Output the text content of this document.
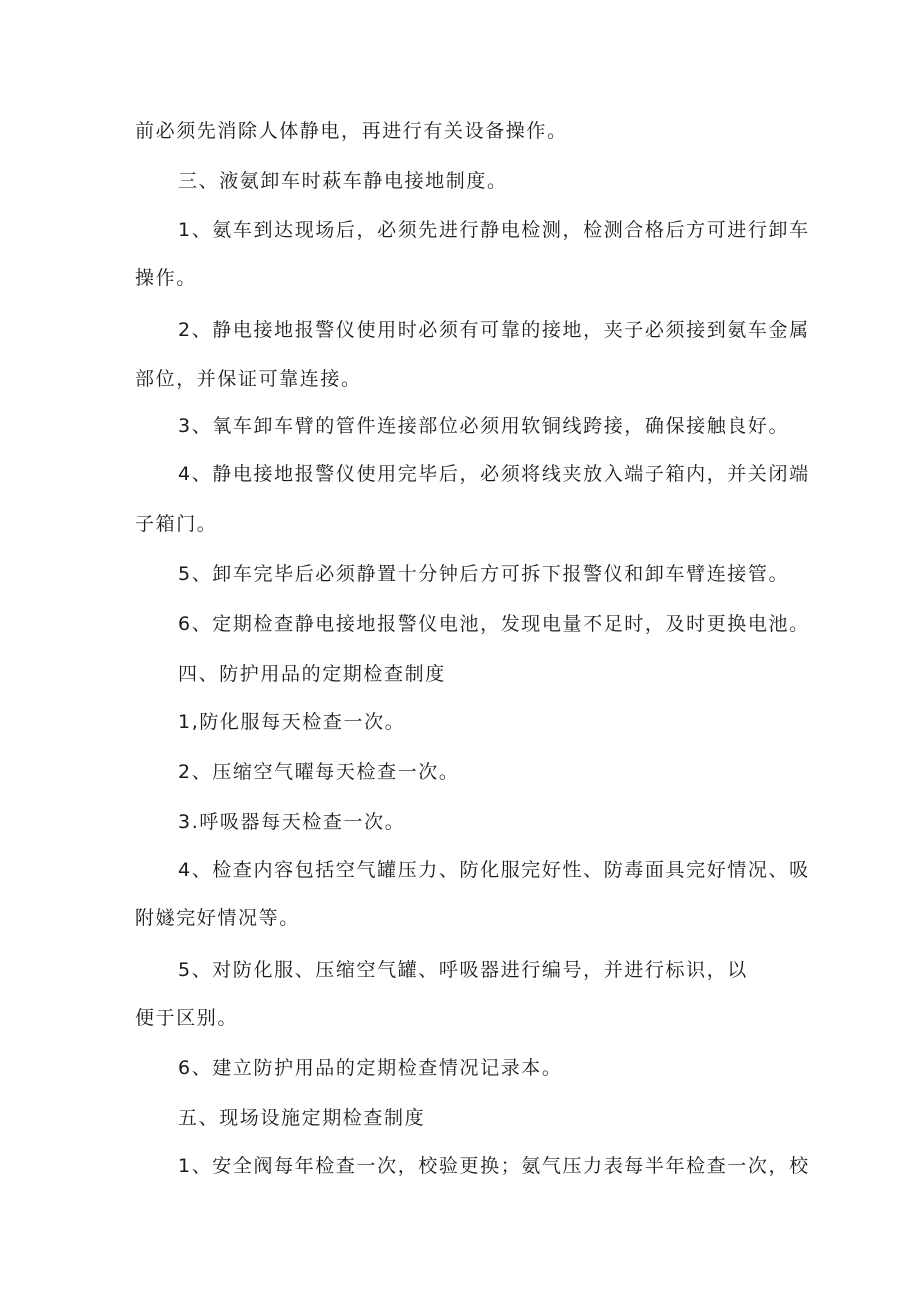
前必须先消除人体静电，再进行有关设备操作。
三、液氨卸车时萩车静电接地制度。
1、氨车到达现场后，必须先进行静电检测，检测合格后方可进行卸车
操作。
2、静电接地报警仪使用时必须有可靠的接地，夹子必须接到氨车金属
部位，并保证可靠连接。
3、氧车卸车臂的管件连接部位必须用软铜线跨接，确保接触良好。
4、静电接地报警仪使用完毕后，必须将线夹放入端子箱内，并关闭端
子箱门。
5、卸车完毕后必须静置十分钟后方可拆下报警仪和卸车臂连接管。
6、定期检查静电接地报警仪电池，发现电量不足时，及时更换电池。
四、防护用品的定期检查制度
1,防化服每天检查一次。
2、压缩空气曜每天检查一次。
3.呼吸器每天检查一次。
4、检查内容包括空气罐压力、防化服完好性、防毒面具完好情况、吸
附嬘完好情况等。
5、对防化服、压缩空气罐、呼吸器进行编号，并进行标识，以
便于区别。
6、建立防护用品的定期检查情况记录本。
五、现场设施定期检查制度
1、安全阀每年检查一次，校验更换；氨气压力表每半年检查一次，校
